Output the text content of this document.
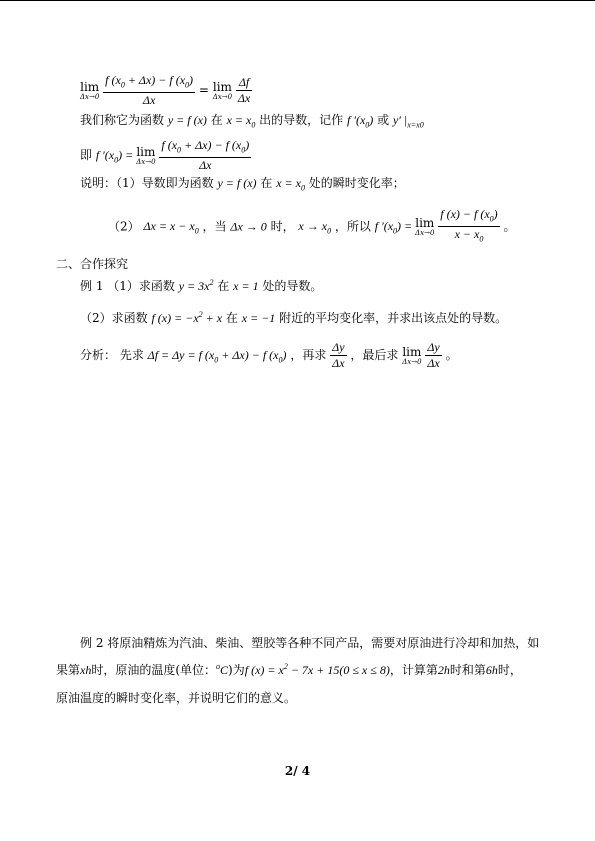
lim
Δx→0
$\frac{f (x_0 + \Delta x) - f (x_0)}{\Delta x} = \lim$
Δx→0
$\frac{\Delta f}{\Delta x}$
我们称它为函数 y = f (x) 在 $x = x_0$ 出的导数，记作 f $'(x_0)$ 或 y′ $|_{x=x0}$
即 f $'(x_0) = \lim$
Δx→0
$\frac{f (x_0 + \Delta x) - f (x_0)}{\Delta x}$
说明：（1）导数即为函数 y = f (x) 在 $x = x_0$ 处的瞬时变化率；
（2） $\Delta x = x - x_0$ ，当 Δx → 0 时， $x \to x_0$ ，所以 f $'(x_0) = \lim$
Δx→0
$\frac{f (x) - f (x_0)}{x - x_0}$ 。
二、合作探究
例 1 （1）求函数 $y = 3x^2$ 在 x = 1 处的导数。
（2）求函数 f $(x) = -x^2 + x$ 在 x = −1 附近的平均变化率，并求出该点处的导数。
分析： 先求 Δf = Δy = f $(x_0 + \Delta x) - f$ $(x_0)$ ，再求 $\frac{\Delta y}{\Delta x}$ ，最后求 lim
Δx→0
$\frac{\Delta y}{\Delta x}$ 。
例 2 将原油精炼为汽油、柴油、塑胶等各种不同产品，需要对原油进行冷却和加热，如
果第xh时，原油的温度(单位：$^o$C)为f $(x) = x^2 - 7x + 15(0 \le x \le 8)$，计算第2h时和第6h时，
原油温度的瞬时变化率，并说明它们的意义。
2/ 4
